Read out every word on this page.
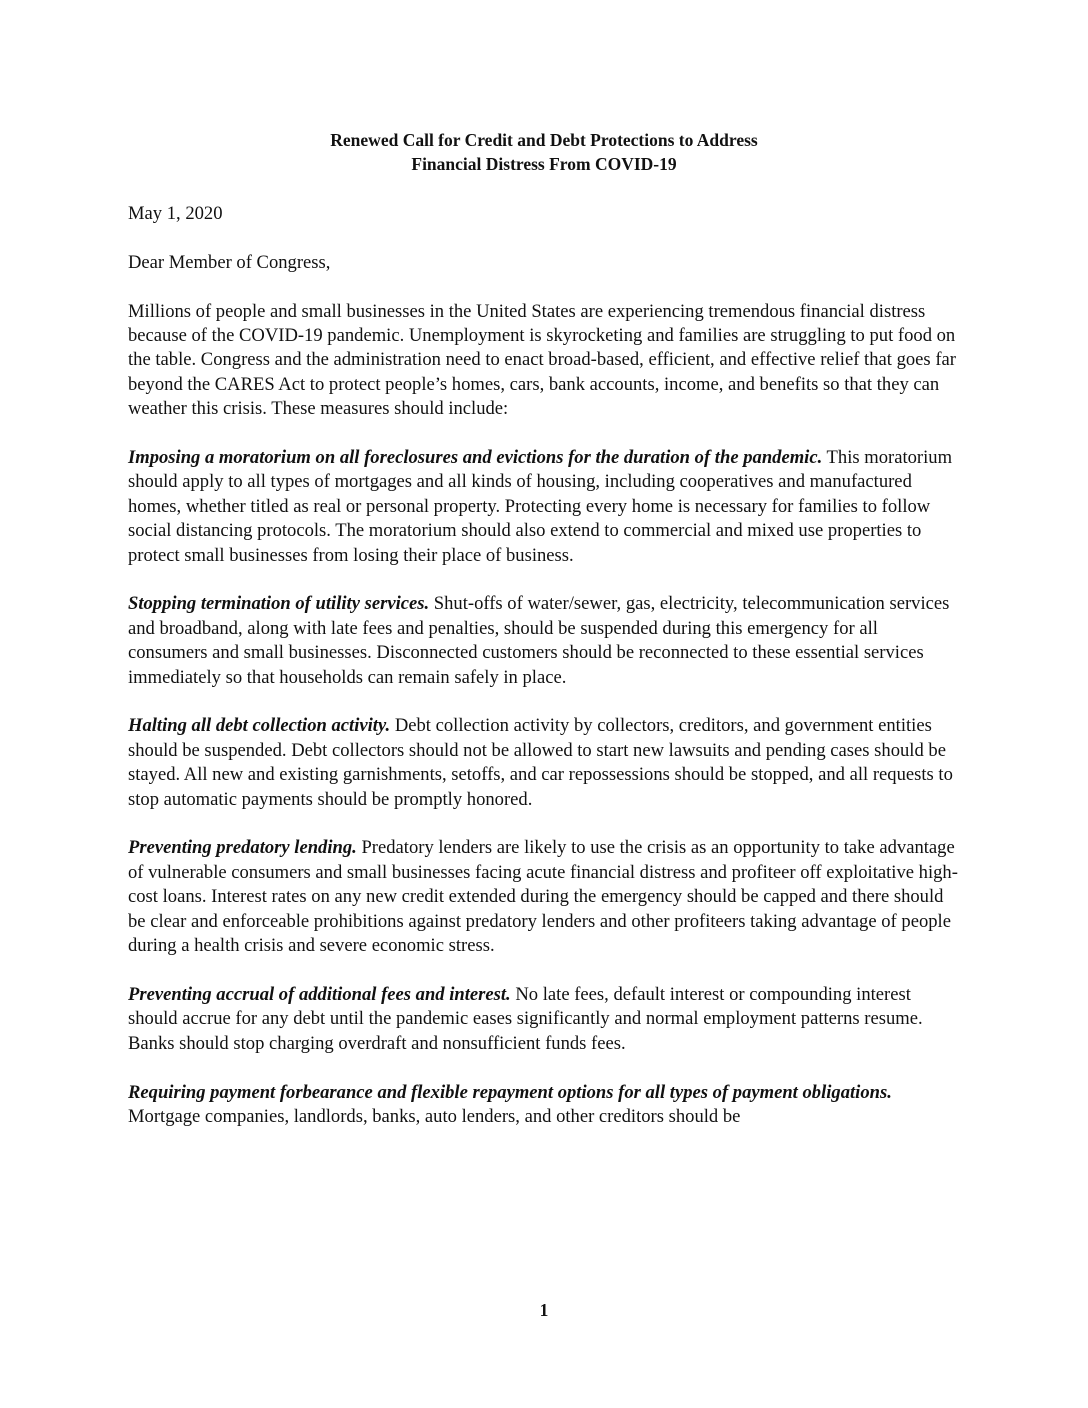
Renewed Call for Credit and Debt Protections to Address
Financial Distress From COVID-19

May 1, 2020

Dear Member of Congress,

Millions of people and small businesses in the United States are experiencing tremendous financial distress because of the COVID-19 pandemic. Unemployment is skyrocketing and families are struggling to put food on the table. Congress and the administration need to enact broad-based, efficient, and effective relief that goes far beyond the CARES Act to protect people’s homes, cars, bank accounts, income, and benefits so that they can weather this crisis. These measures should include:

Imposing a moratorium on all foreclosures and evictions for the duration of the pandemic. This moratorium should apply to all types of mortgages and all kinds of housing, including cooperatives and manufactured homes, whether titled as real or personal property. Protecting every home is necessary for families to follow social distancing protocols. The moratorium should also extend to commercial and mixed use properties to protect small businesses from losing their place of business.

Stopping termination of utility services. Shut-offs of water/sewer, gas, electricity, telecommunication services and broadband, along with late fees and penalties, should be suspended during this emergency for all consumers and small businesses. Disconnected customers should be reconnected to these essential services immediately so that households can remain safely in place.

Halting all debt collection activity. Debt collection activity by collectors, creditors, and government entities should be suspended. Debt collectors should not be allowed to start new lawsuits and pending cases should be stayed. All new and existing garnishments, setoffs, and car repossessions should be stopped, and all requests to stop automatic payments should be promptly honored.

Preventing predatory lending. Predatory lenders are likely to use the crisis as an opportunity to take advantage of vulnerable consumers and small businesses facing acute financial distress and profiteer off exploitative high-cost loans. Interest rates on any new credit extended during the emergency should be capped and there should be clear and enforceable prohibitions against predatory lenders and other profiteers taking advantage of people during a health crisis and severe economic stress.

Preventing accrual of additional fees and interest. No late fees, default interest or compounding interest should accrue for any debt until the pandemic eases significantly and normal employment patterns resume. Banks should stop charging overdraft and nonsufficient funds fees.

Requiring payment forbearance and flexible repayment options for all types of payment obligations. Mortgage companies, landlords, banks, auto lenders, and other creditors should be

1
